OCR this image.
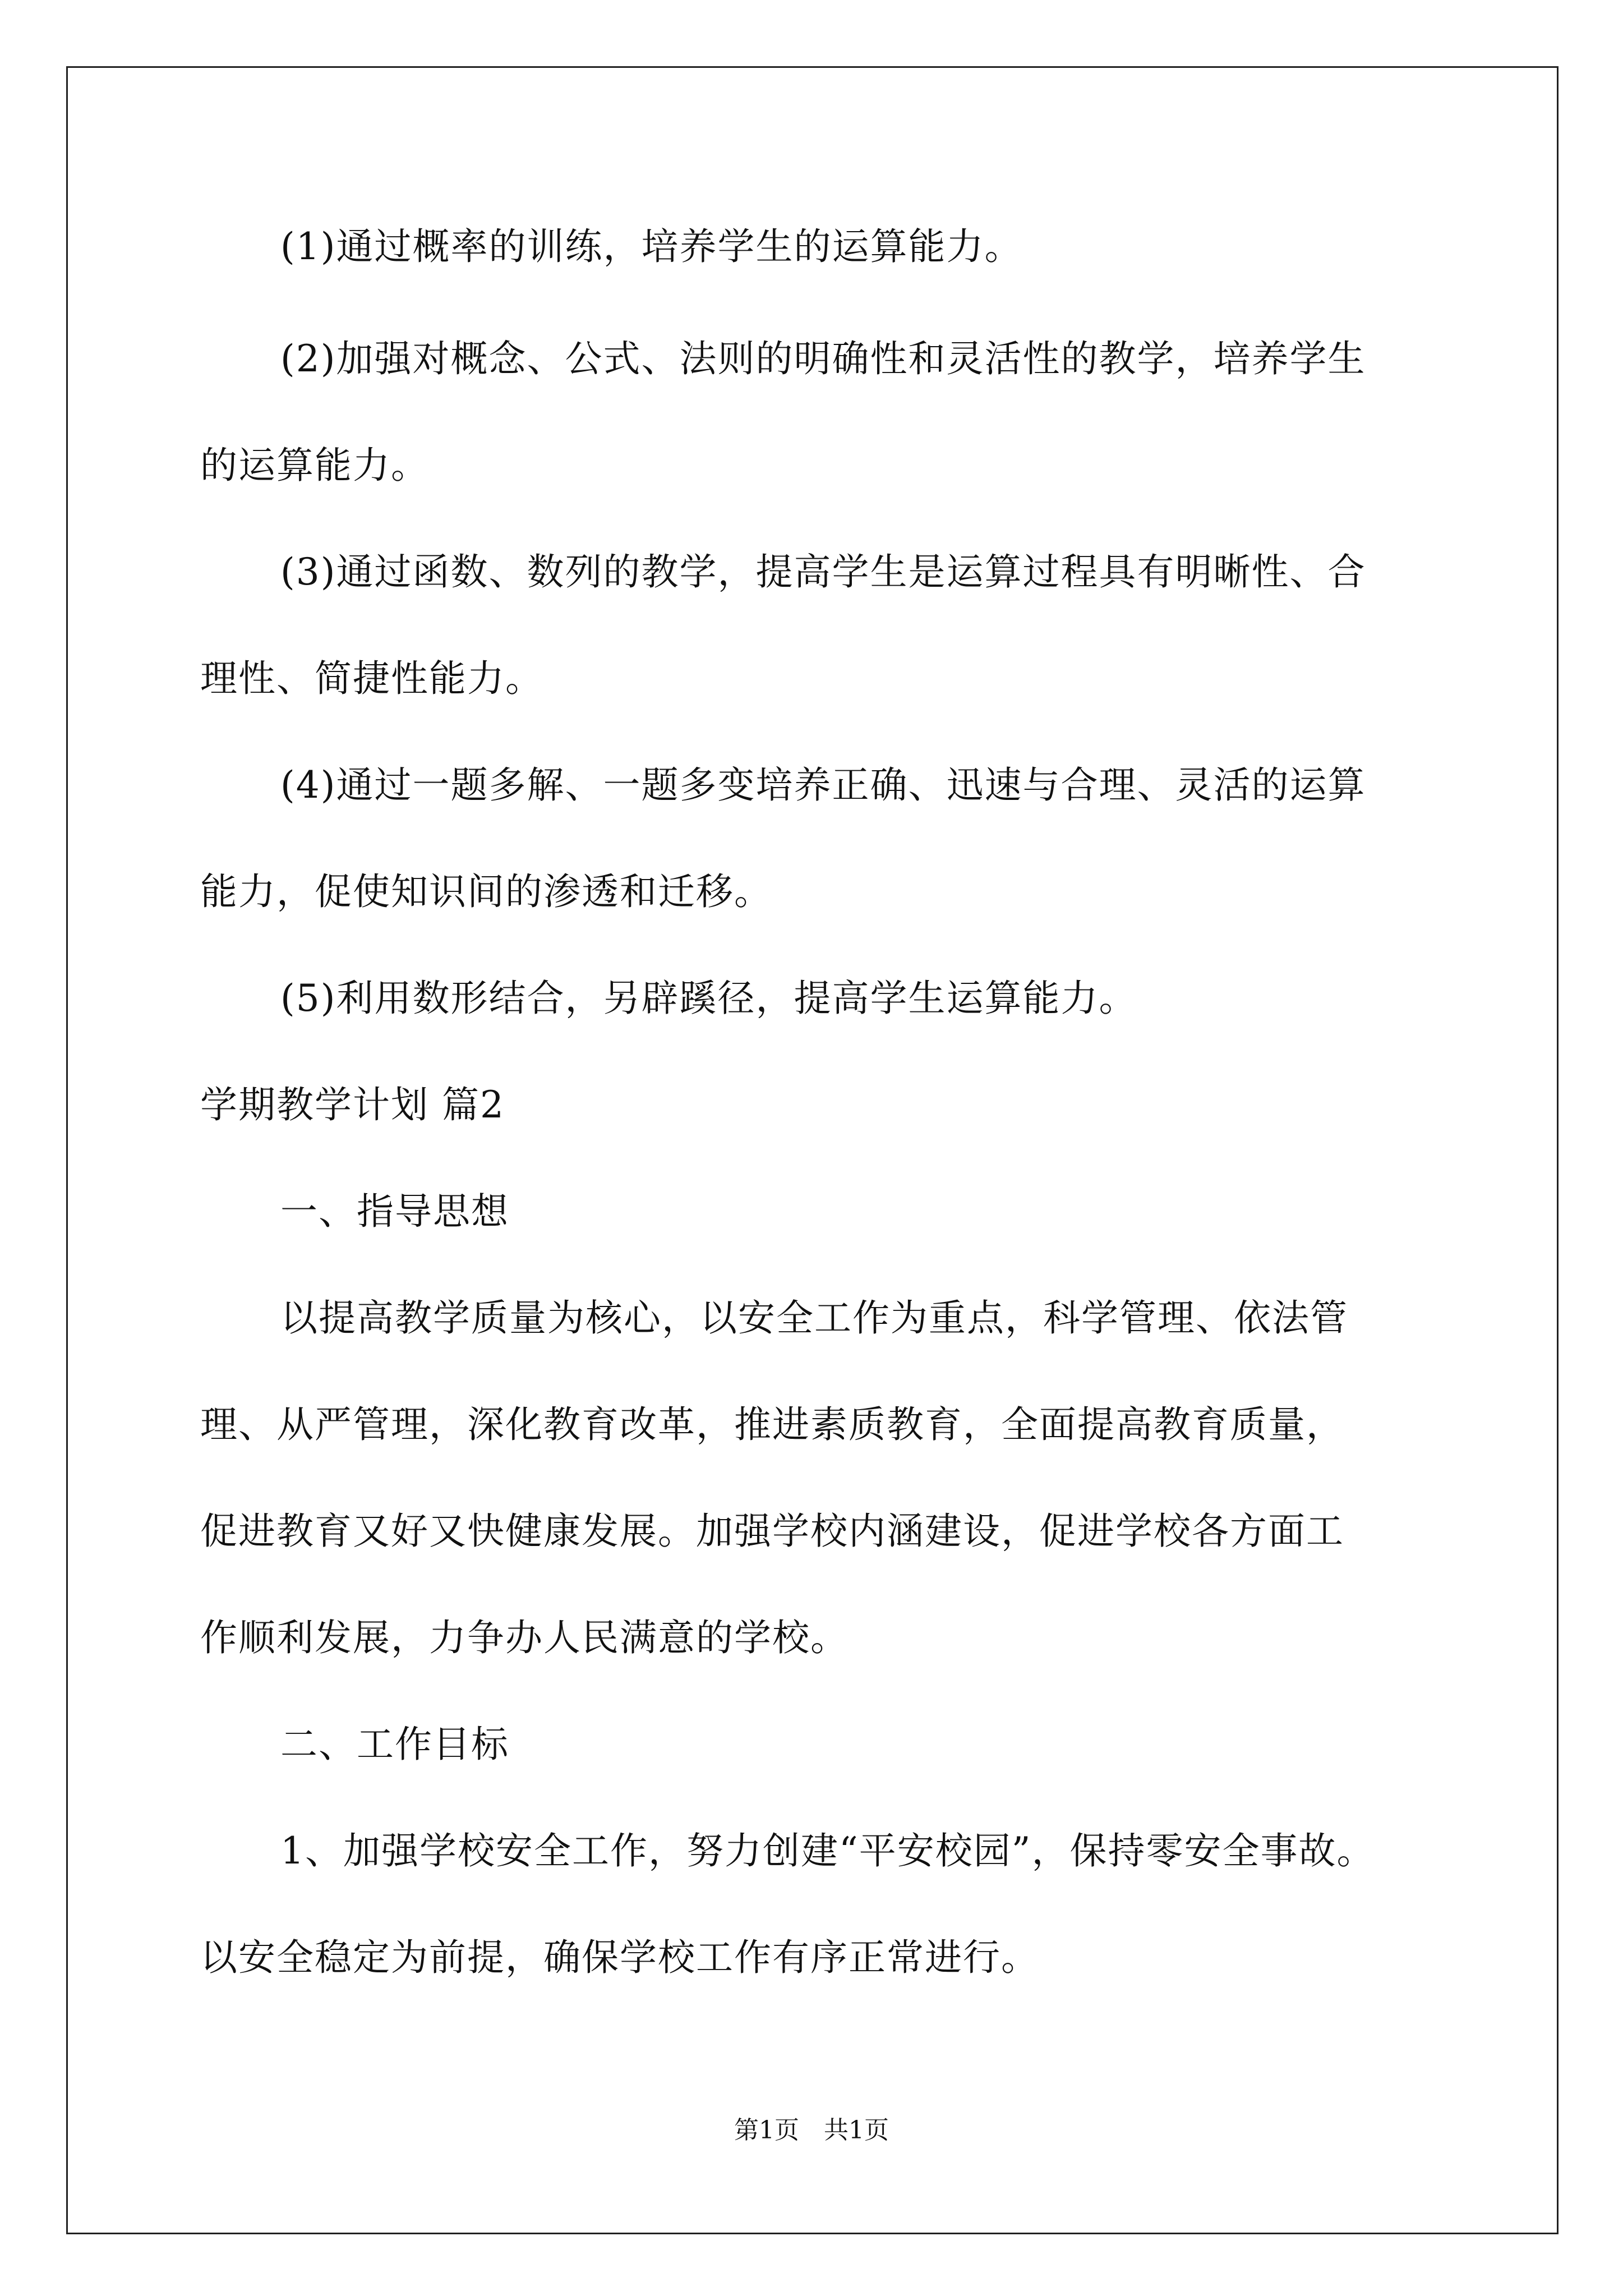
(1)通过概率的训练，培养学生的运算能力。
(2)加强对概念、公式、法则的明确性和灵活性的教学，培养学生
的运算能力。
(3)通过函数、数列的教学，提高学生是运算过程具有明晰性、合
理性、简捷性能力。
(4)通过一题多解、一题多变培养正确、迅速与合理、灵活的运算
能力，促使知识间的渗透和迁移。
(5)利用数形结合，另辟蹊径，提高学生运算能力。
学期教学计划 篇2
一、指导思想
以提高教学质量为核心，以安全工作为重点，科学管理、依法管
理、从严管理，深化教育改革，推进素质教育，全面提高教育质量，
促进教育又好又快健康发展。加强学校内涵建设，促进学校各方面工
作顺利发展，力争办人民满意的学校。
二、工作目标
1、加强学校安全工作，努力创建“平安校园”，保持零安全事故。
以安全稳定为前提，确保学校工作有序正常进行。
第1页　共1页
